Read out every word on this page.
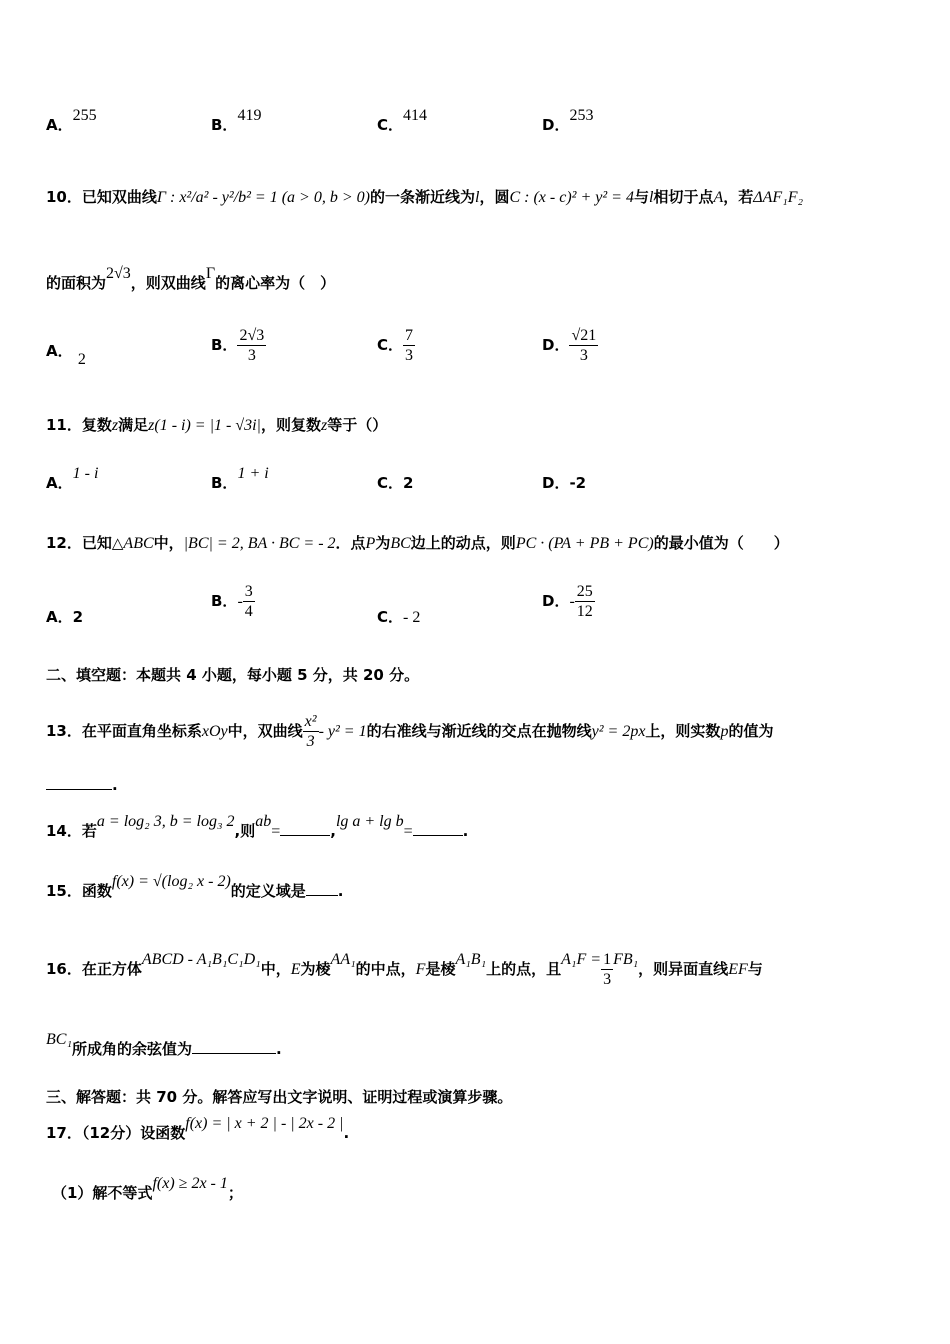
A．255
B．419
C．414
D．253
10．已知双曲线Γ : x²/a² - y²/b² = 1 (a > 0, b > 0)的一条渐近线为l，圆C : (x - c)² + y² = 4与l相切于点A，若ΔAF₁F₂
的面积为2√3，则双曲线Γ的离心率为（　）
A． 2
B． $\frac{2√3}{3}$	C． $\frac{7}{3}$	D． $\frac{√21}{3}$
11．复数z满足z(1 - i) = |1 - √3i|，则复数z等于（）
A．1 - i
B．1 + i
C．2	D．-2
12．已知△ABC中，|BC| = 2, BA · BC = - 2．点P为BC边上的动点，则PC · (PA + PB + PC)的最小值为（　　）
A．2
B．- $\frac{3}{4}$	C．- 2
D．- $\frac{25}{12}$
二、填空题：本题共 4 小题，每小题 5 分，共 20 分。
13．在平面直角坐标系xOy中，双曲线 $\frac{\text{x²}}{3} - y^2 = 1$的右准线与渐近线的交点在抛物线y² = 2px上，则实数p的值为
.
14．若a = log₂ 3, b = log₃ 2,则ab=	,lg a + lg b=	.
15．函数f(x) = √(log₂ x - 2)的定义域是 .
16．在正方体ABCD - A₁B₁C₁D₁中，E为棱AA₁的中点，F是棱A₁B₁上的点，且$A_1F = \frac{1}{3} FB_1$，则异面直线EF与
BC₁所成角的余弦值为	.
三、解答题：共 70 分。解答应写出文字说明、证明过程或演算步骤。
17．（12分）设函数f(x) = | x + 2 | - | 2x - 2 |.
（1）解不等式f(x) ≥ 2x - 1；
